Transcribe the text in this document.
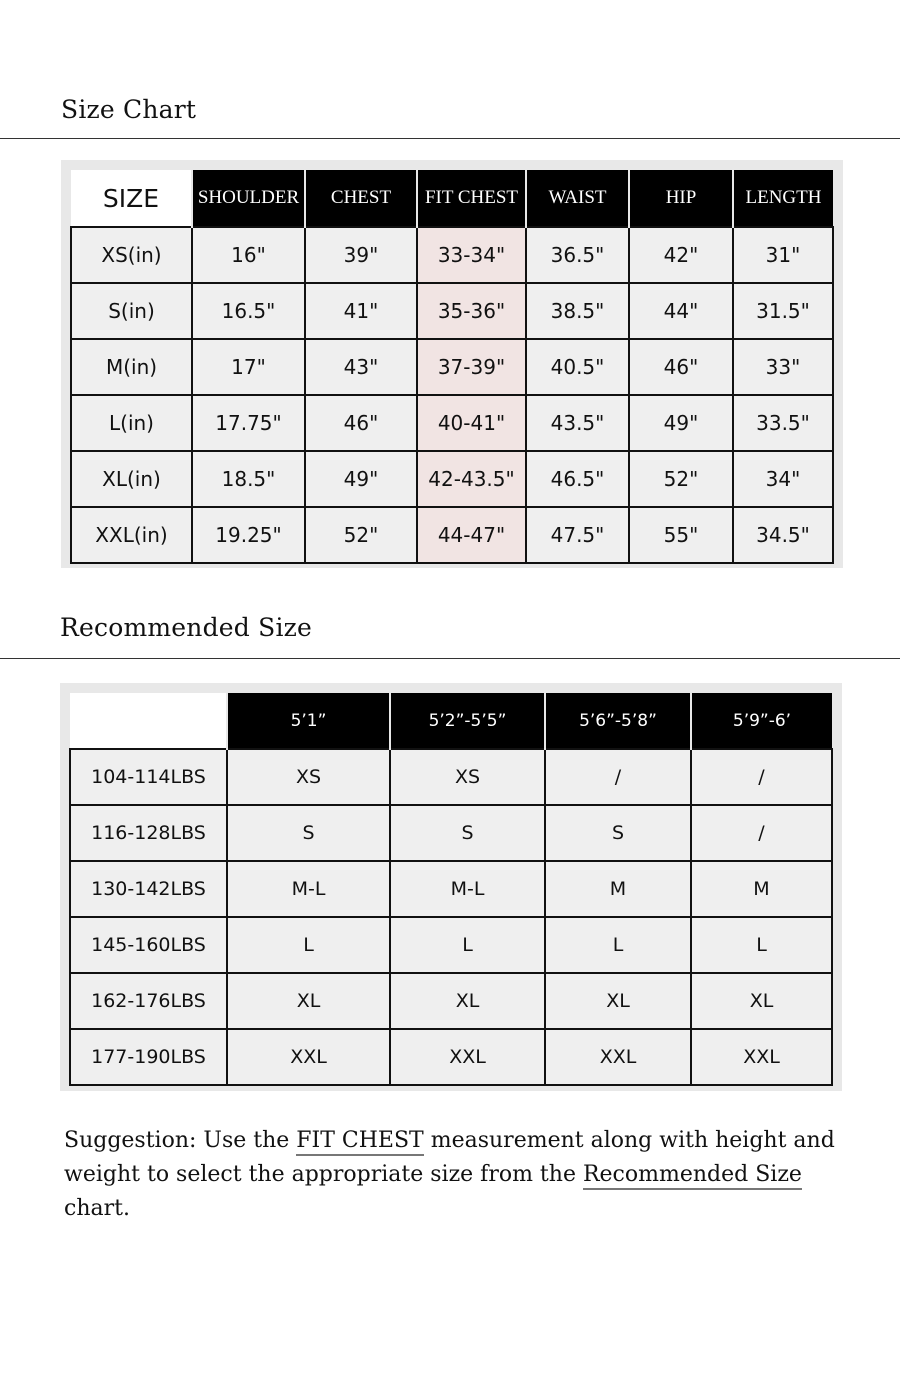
Size Chart
SIZE	SHOULDER	CHEST	FIT CHEST	WAIST	HIP	LENGTH
XS(in)	16"	39"	33-34"	36.5"	42"	31"
S(in)	16.5"	41"	35-36"	38.5"	44"	31.5"
M(in)	17"	43"	37-39"	40.5"	46"	33"
L(in)	17.75"	46"	40-41"	43.5"	49"	33.5"
XL(in)	18.5"	49"	42-43.5"	46.5"	52"	34"
XXL(in)	19.25"	52"	44-47"	47.5"	55"	34.5"
Recommended Size
	5’1”	5’2”-5’5”	5’6”-5’8”	5’9”-6’
104-114LBS	XS	XS	/	/
116-128LBS	S	S	S	/
130-142LBS	M-L	M-L	M	M
145-160LBS	L	L	L	L
162-176LBS	XL	XL	XL	XL
177-190LBS	XXL	XXL	XXL	XXL
Suggestion: Use the FIT CHEST measurement along with height and weight to select the appropriate size from the Recommended Size chart.
